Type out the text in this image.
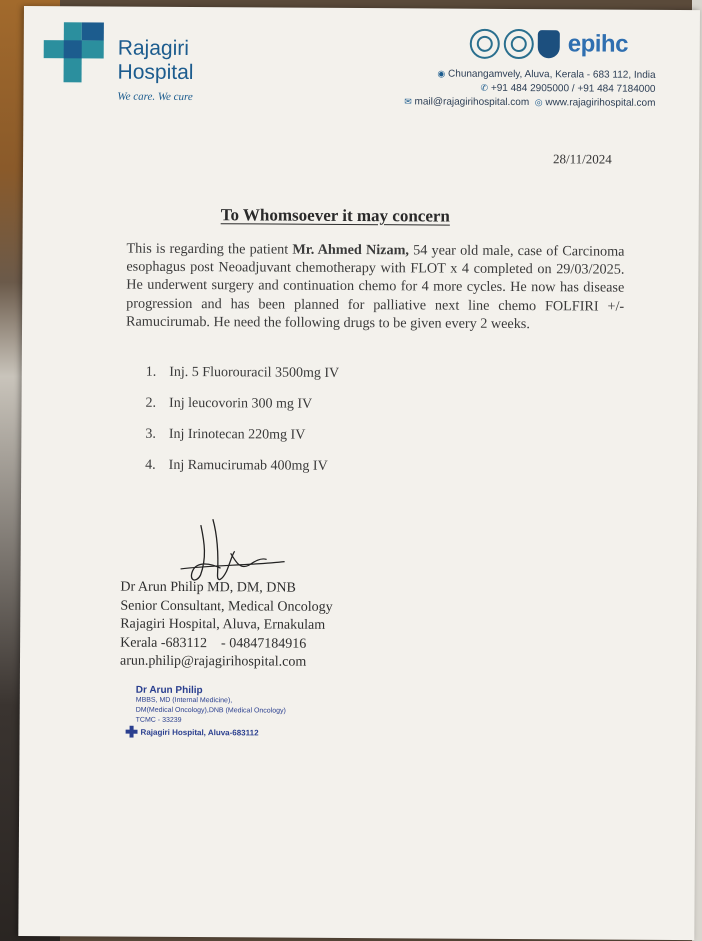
Rajagiri
Hospital
We care. We cure
epihc
◉ Chunangamvely, Aluva, Kerala - 683 112, India
✆ +91 484 2905000 / +91 484 7184000
✉ mail@rajagirihospital.com ◎ www.rajagirihospital.com
28/11/2024
To Whomsoever it may concern
This is regarding the patient Mr. Ahmed Nizam, 54 year old male, case of Carcinoma esophagus post Neoadjuvant chemotherapy with FLOT x 4 completed on 29/03/2025. He underwent surgery and continuation chemo for 4 more cycles. He now has disease progression and has been planned for palliative next line chemo FOLFIRI +/- Ramucirumab. He need the following drugs to be given every 2 weeks.
1. Inj. 5 Fluorouracil 3500mg IV
2. Inj leucovorin 300 mg IV
3. Inj Irinotecan 220mg IV
4. Inj Ramucirumab 400mg IV
Dr Arun Philip MD, DM, DNB
Senior Consultant, Medical Oncology
Rajagiri Hospital, Aluva, Ernakulam
Kerala -683112 - 04847184916
arun.philip@rajagirihospital.com
Dr Arun Philip
MBBS, MD (Internal Medicine),
DM(Medical Oncology),DNB (Medical Oncology)
TCMC - 33239
Rajagiri Hospital, Aluva-683112
